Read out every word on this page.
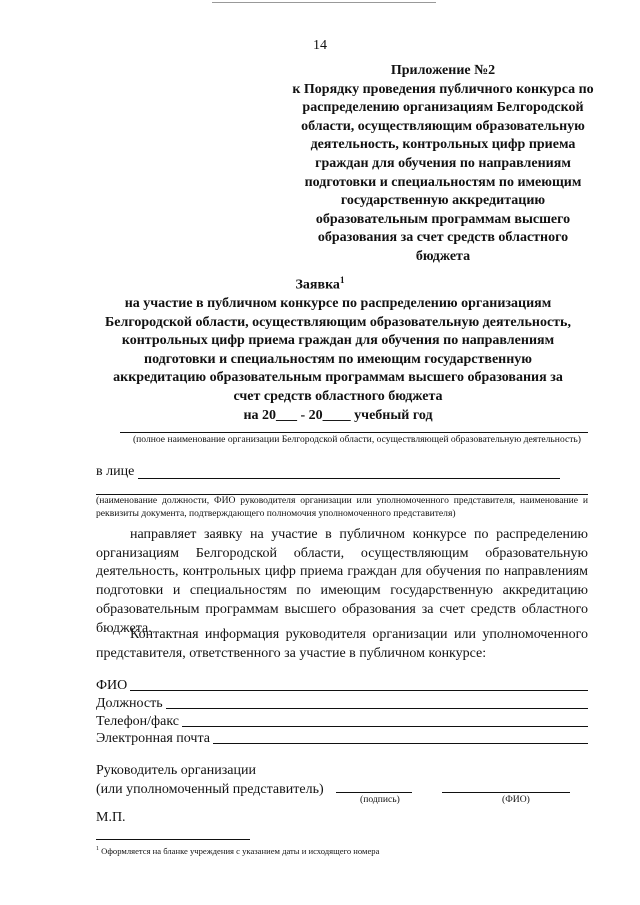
14
Приложение №2
к Порядку проведения публичного конкурса по
распределению организациям Белгородской
области, осуществляющим образовательную
деятельность, контрольных цифр приема
граждан для обучения по направлениям
подготовки и специальностям по имеющим
государственную аккредитацию
образовательным программам высшего
образования за счет средств областного
бюджета
Заявка$^1$
на участие в публичном конкурсе по распределению организациям
Белгородской области, осуществляющим образовательную деятельность,
контрольных цифр приема граждан для обучения по направлениям
подготовки и специальностям по имеющим государственную
аккредитацию образовательным программам высшего образования за
счет средств областного бюджета
на 20___ - 20____ учебный год
(полное наименование организации Белгородской области, осуществляющей образовательную деятельность)
в лице
(наименование должности, ФИО руководителя организации или уполномоченного представителя, наименование и реквизиты документа, подтверждающего полномочия уполномоченного представителя)
направляет заявку на участие в публичном конкурсе по распределению организациям Белгородской области, осуществляющим образовательную деятельность, контрольных цифр приема граждан для обучения по направлениям подготовки и специальностям по имеющим государственную аккредитацию образовательным программам высшего образования за счет средств областного бюджета.
Контактная информация руководителя организации или уполномоченного представителя, ответственного за участие в публичном конкурсе:
ФИО
Должность
Телефон/факс
Электронная почта
Руководитель организации
(или уполномоченный представитель)
(подпись)	(ФИО)
М.П.
$^1$ Оформляется на бланке учреждения с указанием даты и исходящего номера
